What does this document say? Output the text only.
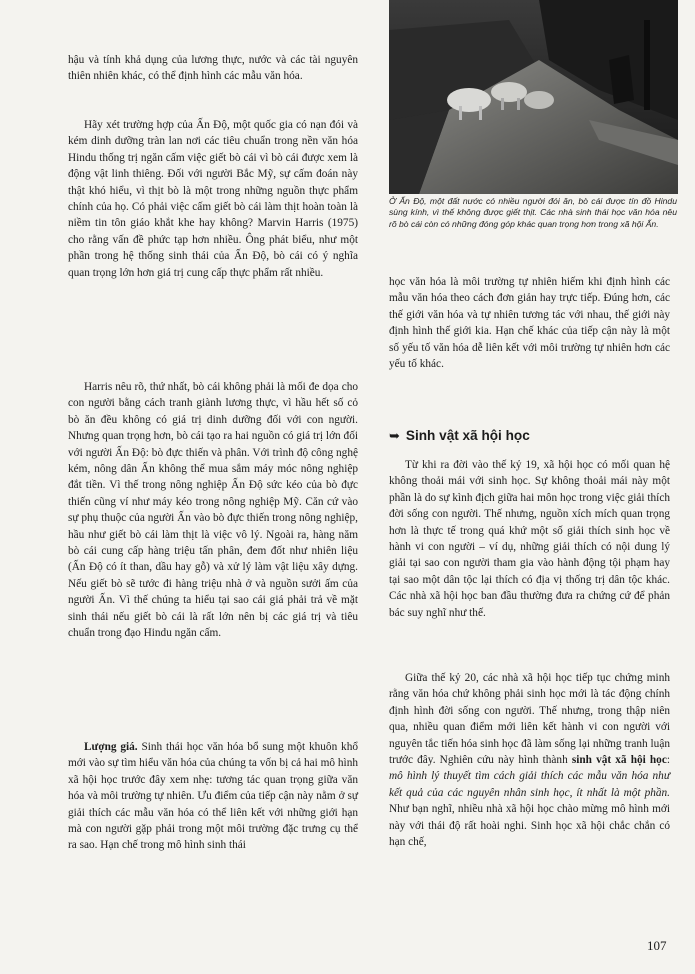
hậu và tính khả dụng của lương thực, nước và các tài nguyên thiên nhiên khác, có thể định hình các mẫu văn hóa.

Hãy xét trường hợp của Ấn Độ, một quốc gia có nạn đói và kém dinh dưỡng tràn lan nơi các tiêu chuẩn trong nền văn hóa Hindu thống trị ngăn cấm việc giết bò cái vì bò cái được xem là động vật linh thiêng. Đối với người Bắc Mỹ, sự cấm đoán này thật khó hiểu, vì thịt bò là một trong những nguồn thực phẩm chính của họ. Có phải việc cấm giết bò cái làm thịt hoàn toàn là niềm tin tôn giáo khắt khe hay không? Marvin Harris (1975) cho rằng vấn đề phức tạp hơn nhiều. Ông phát biểu, như một phần trong hệ thống sinh thái của Ấn Độ, bò cái có ý nghĩa quan trọng lớn hơn giá trị cung cấp thực phẩm rất nhiều.

Harris nêu rõ, thứ nhất, bò cái không phải là mối đe dọa cho con người bằng cách tranh giành lương thực, vì hầu hết số cỏ bò ăn đều không có giá trị dinh dưỡng đối với con người. Nhưng quan trọng hơn, bò cái tạo ra hai nguồn có giá trị lớn đối với người Ấn Độ: bò đực thiến và phân. Với trình độ công nghệ kém, nông dân Ấn không thể mua sắm máy móc nông nghiệp đắt tiền. Vì thế trong nông nghiệp Ấn Độ sức kéo của bò đực thiến cũng ví như máy kéo trong nông nghiệp Mỹ. Căn cứ vào sự phụ thuộc của người Ấn vào bò đực thiến trong nông nghiệp, hầu như giết bò cái làm thịt là việc vô lý. Ngoài ra, hàng năm bò cái cung cấp hàng triệu tấn phân, đem đốt như nhiên liệu (Ấn Độ có ít than, dầu hay gỗ) và xử lý làm vật liệu xây dựng. Nếu giết bò sẽ tước đi hàng triệu nhà ở và nguồn sưởi ấm của người Ấn. Vì thế chúng ta hiểu tại sao cái giá phải trả về mặt sinh thái nếu giết bò cái là rất lớn nên bị các giá trị và tiêu chuẩn trong đạo Hindu ngăn cấm.

Lượng giá. Sinh thái học văn hóa bổ sung một khuôn khổ mới vào sự tìm hiểu văn hóa của chúng ta vốn bị cả hai mô hình xã hội học trước đây xem nhẹ: tương tác quan trọng giữa văn hóa và môi trường tự nhiên. Ưu điểm của tiếp cận này nằm ở sự giải thích các mẫu văn hóa có thể liên kết với những giới hạn mà con người gặp phải trong một môi trường đặc trưng cụ thể ra sao. Hạn chế trong mô hình sinh thái

Ở Ấn Độ, một đất nước có nhiều người đói ăn, bò cái được tín đồ Hindu sùng kính, vì thế không được giết thịt. Các nhà sinh thái học văn hóa nêu rõ bò cái còn có những đóng góp khác quan trọng hơn trong xã hội Ấn.

học văn hóa là môi trường tự nhiên hiếm khi định hình các mẫu văn hóa theo cách đơn giản hay trực tiếp. Đúng hơn, các thế giới văn hóa và tự nhiên tương tác với nhau, thế giới này định hình thế giới kia. Hạn chế khác của tiếp cận này là một số yếu tố văn hóa dễ liên kết với môi trường tự nhiên hơn các yếu tố khác.

➥ Sinh vật xã hội học

Từ khi ra đời vào thế kỷ 19, xã hội học có mối quan hệ không thoải mái với sinh học. Sự không thoải mái này một phần là do sự kình địch giữa hai môn học trong việc giải thích đời sống con người. Thế nhưng, nguồn xích mích quan trọng hơn là thực tế trong quá khứ một số giải thích sinh học về hành vi con người – ví dụ, những giải thích có nội dung lý giải tại sao con người tham gia vào hành động tội phạm hay tại sao một dân tộc lại thích có địa vị thống trị dân tộc khác. Các nhà xã hội học ban đầu thường đưa ra chứng cứ để phản bác suy nghĩ như thế.

Giữa thế kỷ 20, các nhà xã hội học tiếp tục chứng minh rằng văn hóa chứ không phải sinh học mới là tác động chính định hình đời sống con người. Thế nhưng, trong thập niên qua, nhiều quan điểm mới liên kết hành vi con người với nguyên tắc tiến hóa sinh học đã làm sống lại những tranh luận trước đây. Nghiên cứu này hình thành sinh vật xã hội học: mô hình lý thuyết tìm cách giải thích các mẫu văn hóa như kết quả của các nguyên nhân sinh học, ít nhất là một phần. Như bạn nghĩ, nhiều nhà xã hội học chào mừng mô hình mới này với thái độ rất hoài nghi. Sinh học xã hội chắc chắn có hạn chế,

107
